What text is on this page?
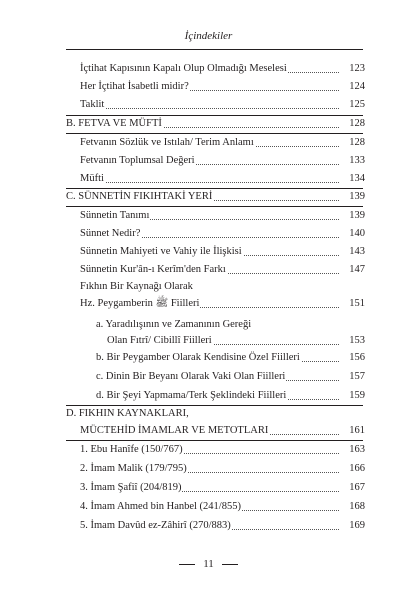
İçindekiler
İçtihat Kapısının Kapalı Olup Olmadığı Meselesi	123
Her İçtihat İsabetli midir?	124
Taklit	125
B. FETVA VE MÜFTİ	128
Fetvanın Sözlük ve Istılah/ Terim Anlamı	128
Fetvanın Toplumsal Değeri	133
Müfti	134
C. SÜNNETİN FIKIHTAKİ YERİ	139
Sünnetin Tanımı	139
Sünnet Nedir?	140
Sünnetin Mahiyeti ve Vahiy ile İlişkisi	143
Sünnetin Kur'ân-ı Kerîm'den Farkı	147
Fıkhın Bir Kaynağı Olarak
Hz. Peygamberin ﷺ Fiilleri	151
a. Yaradılışının ve Zamanının Gereği
Olan Fıtrî/ Cibillî Fiilleri	153
b. Bir Peygamber Olarak Kendisine Özel Fiilleri	156
c. Dinin Bir Beyanı Olarak Vaki Olan Fiilleri	157
d. Bir Şeyi Yapmama/Terk Şeklindeki Fiilleri	159
D. FIKHIN KAYNAKLARI,
MÜCTEHİD İMAMLAR VE METOTLARI	161
1. Ebu Hanîfe (150/767)	163
2. İmam Malik (179/795)	166
3. İmam Şafiî (204/819)	167
4. İmam Ahmed bin Hanbel (241/855)	168
5. İmam Davûd ez-Zâhirî (270/883)	169
11
